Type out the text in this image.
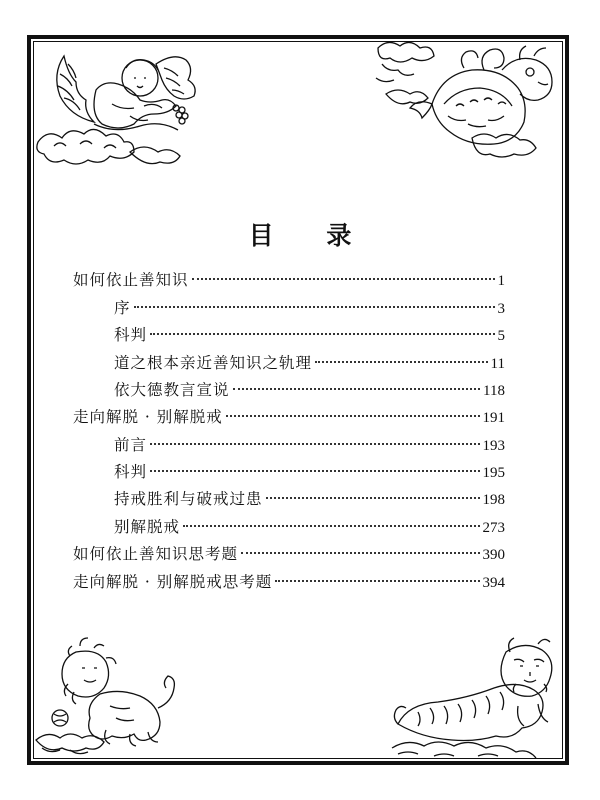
目 录
如何依止善知识	1
序	3
科判	5
道之根本亲近善知识之轨理	11
依大德教言宣说	118
走向解脱 · 别解脱戒	191
前言	193
科判	195
持戒胜利与破戒过患	198
别解脱戒	273
如何依止善知识思考题	390
走向解脱 · 别解脱戒思考题	394
